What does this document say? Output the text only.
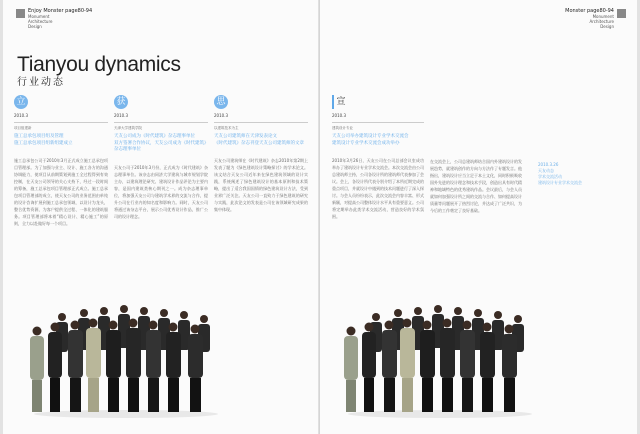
Enjoy Monster page80-94
Monument
Architecture
Design
Tianyou dynamics
行业动态
立
2010.3
项目组建新
施工总承包项目组及管理
施工总承包项目组新组建成立
施工总承包公司于2010年3月正式成立施工总承包项目管理部。为了加强与业主、设计、施工各方的沟通协调能力，使项目从前期策划到施工全过程得到有效控制，在天友公司领导的关心支持下，经过一段时间的筹备，施工总承包项目管理部正式成立。施工总承包项目管理部的成立，使天友公司的业务范围由单纯的设计咨询扩展到施工总承包领域，以设计为龙头，整合优势资源，为客户提供全过程、一体化的建筑服务。项目管理部将本着“精心设计、精心施工”的原则，全力以赴做好每一个项目。
获
2010.3
天津大学建筑学院
天友公司成为《时代建筑》杂志理事单位
双方签署合作协议，天友公司成为《时代建筑》杂志理事单位
天友公司于2010年3月份，正式成为《时代建筑》杂志理事单位。该杂志由同济大学建筑与城市规划学院主办，以建筑理论研究、建筑设计作品评论为主要内容，是国内建筑类核心期刊之一。成为杂志理事单位，将加强天友公司与建筑学术界的交流与合作，提升公司在行业内的知名度和影响力。同时，天友公司将通过该杂志平台，展示公司优秀设计作品，推广公司的设计理念。
思
2010.3
以建筑技术为主
天友公司建筑师在天津发表论文
《时代建筑》杂志刊登天友公司建筑师的文章
天友公司建筑师在《时代建筑》杂志2010年第2期上发表了题为《绿色建筑设计策略探讨》的学术论文。该文结合天友公司近年来在绿色建筑领域的设计实践，系统阐述了绿色建筑设计的基本原则和技术策略，提出了适合我国国情的绿色建筑设计方法，受到业界广泛关注。天友公司一直致力于绿色建筑的研究与实践，此次论文的发表是公司在该领域研究成果的集中体现。
Monster page80-94
Monument
Architecture
Design
宣
2010.3
建筑设计专业
天友公司举办建筑设计专业学术交流会
建筑设计专业学术交流会成功举办
2010年3月26日，天友公司在公司总部会议室成功举办了建筑设计专业学术交流会。本次交流会由公司总建筑师主持，公司各设计所的建筑师代表参加了会议。会上，各设计所代表分别介绍了本所近期完成的重点项目，并就设计中遇到的技术问题进行了深入探讨。与会人员纷纷表示，此次交流会内容丰富、形式新颖，对提高公司整体设计水平具有重要意义。公司将定期举办此类学术交流活动，营造良好的学术氛围。
在交流会上，公司总建筑师结合国内外建筑设计的发展趋势，就建筑创作的方向与方法作了专题发言。他指出，建筑设计应当立足于本土文化，同时积极吸收国外先进的设计理念和技术手段，创造出具有时代精神和地域特色的优秀建筑作品。会议最后，与会人员就如何加强设计所之间的交流与合作、如何提高设计质量等问题展开了热烈讨论，并达成了广泛共识，为今后的工作奠定了良好基础。
2010.3.26
天友动态
学术交流活动
建筑设计专业学术交流会
